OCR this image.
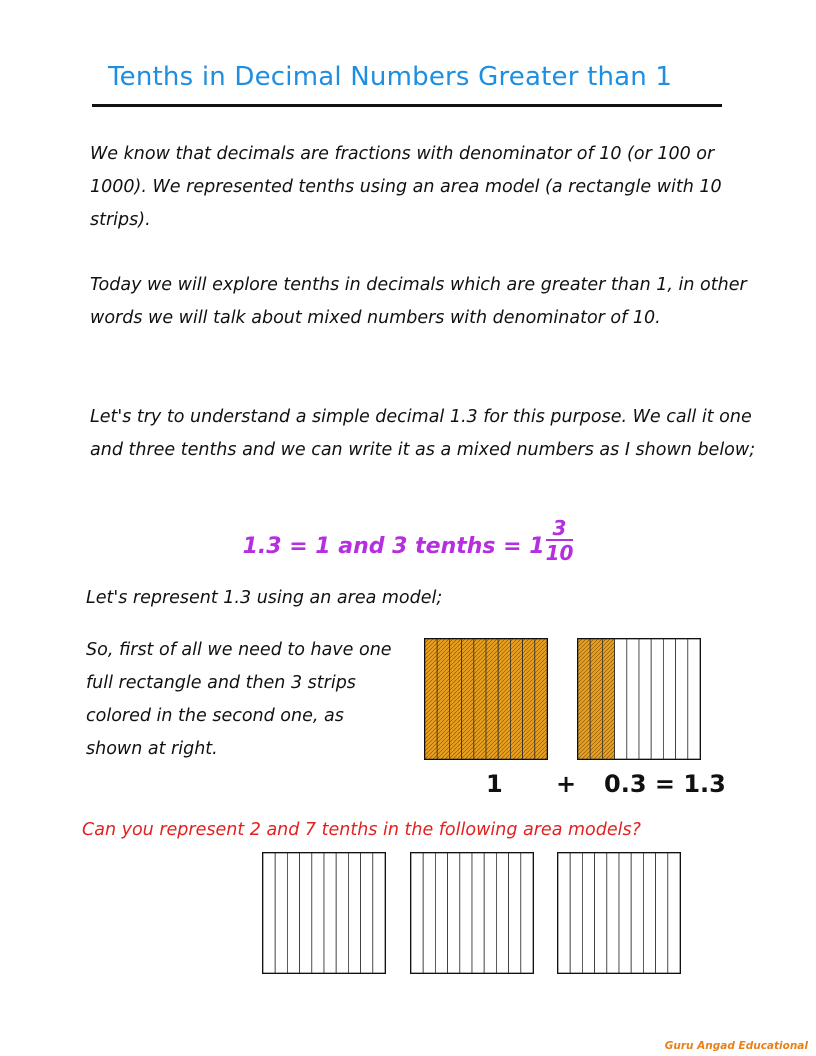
Tenths in Decimal Numbers Greater than 1

We know that decimals are fractions with denominator of 10 (or 100 or 1000). We represented tenths using an area model (a rectangle with 10 strips).

Today we will explore tenths in decimals which are greater than 1, in other words we will talk about mixed numbers with denominator of 10.

Let's try to understand a simple decimal 1.3 for this purpose. We call it one and three tenths and we can write it as a mixed numbers as I shown below;

1.3 = 1 and 3 tenths = $1 \frac{3}{10}$
Let's represent 1.3 using an area model;

So, first of all we need to have one full rectangle and then 3 strips colored in the second one, as shown at right.

1 + 0.3 = 1.3
Can you represent 2 and 7 tenths in the following area models?
Guru Angad Educational
